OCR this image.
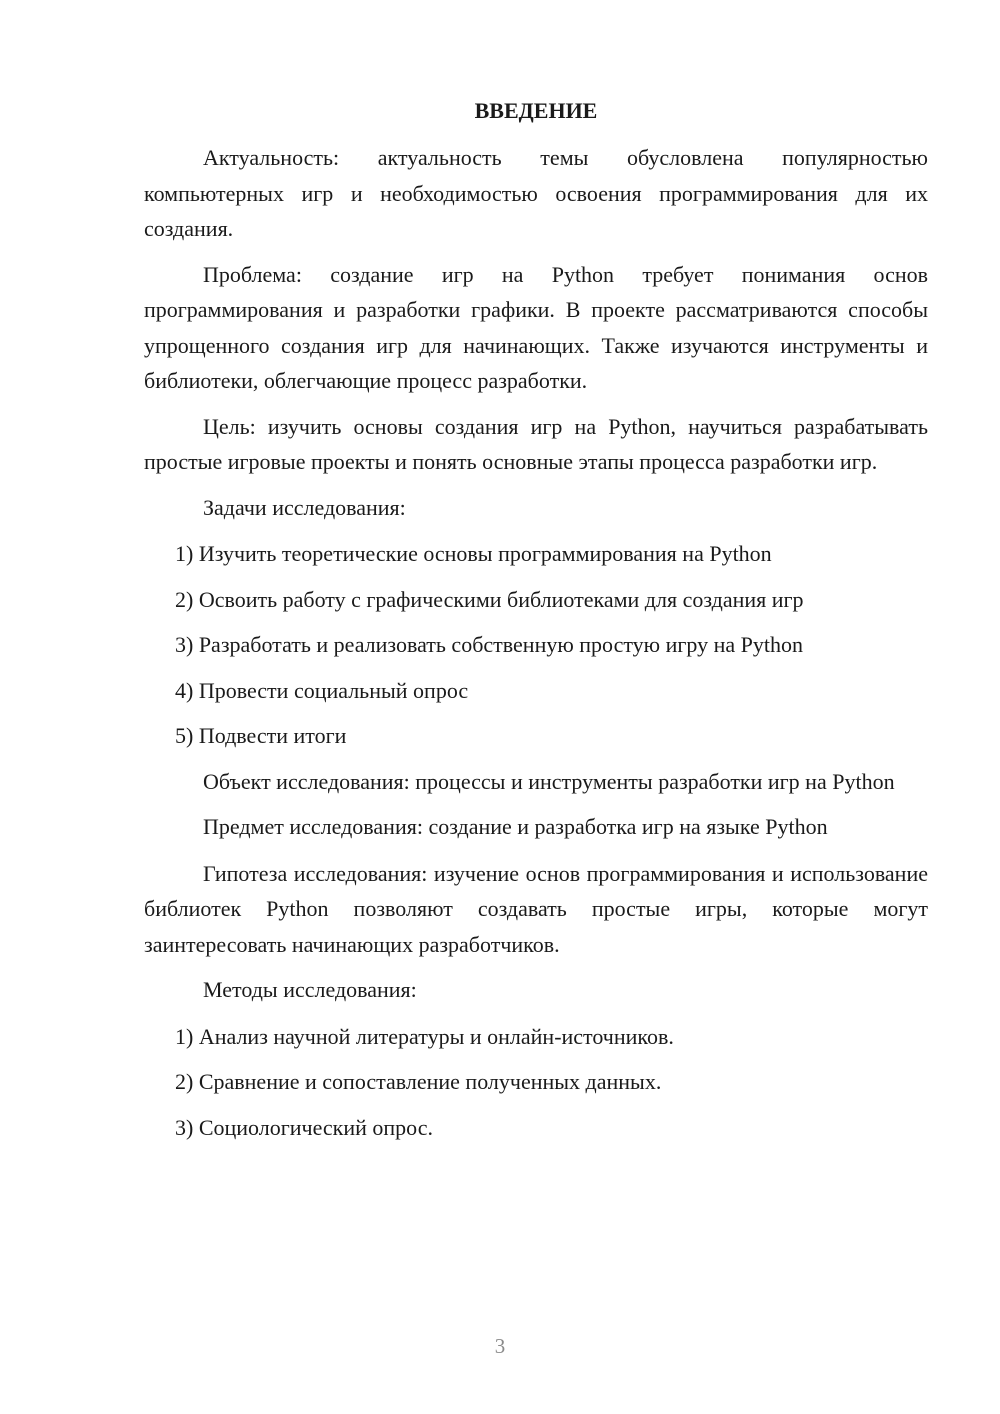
ВВЕДЕНИЕ

Актуальность: актуальность темы обусловлена популярностью компьютерных игр и необходимостью освоения программирования для их создания.

Проблема: создание игр на Python требует понимания основ программирования и разработки графики. В проекте рассматриваются способы упрощенного создания игр для начинающих. Также изучаются инструменты и библиотеки, облегчающие процесс разработки.

Цель: изучить основы создания игр на Python, научиться разрабатывать простые игровые проекты и понять основные этапы процесса разработки игр.

Задачи исследования:

1) Изучить теоретические основы программирования на Python
2) Освоить работу с графическими библиотеками для создания игр
3) Разработать и реализовать собственную простую игру на Python
4) Провести социальный опрос
5) Подвести итоги

Объект исследования: процессы и инструменты разработки игр на Python

Предмет исследования: создание и разработка игр на языке Python

Гипотеза исследования: изучение основ программирования и использование библиотек Python позволяют создавать простые игры, которые могут заинтересовать начинающих разработчиков.

Методы исследования:

1) Анализ научной литературы и онлайн-источников.
2) Сравнение и сопоставление полученных данных.
3) Социологический опрос.
3
